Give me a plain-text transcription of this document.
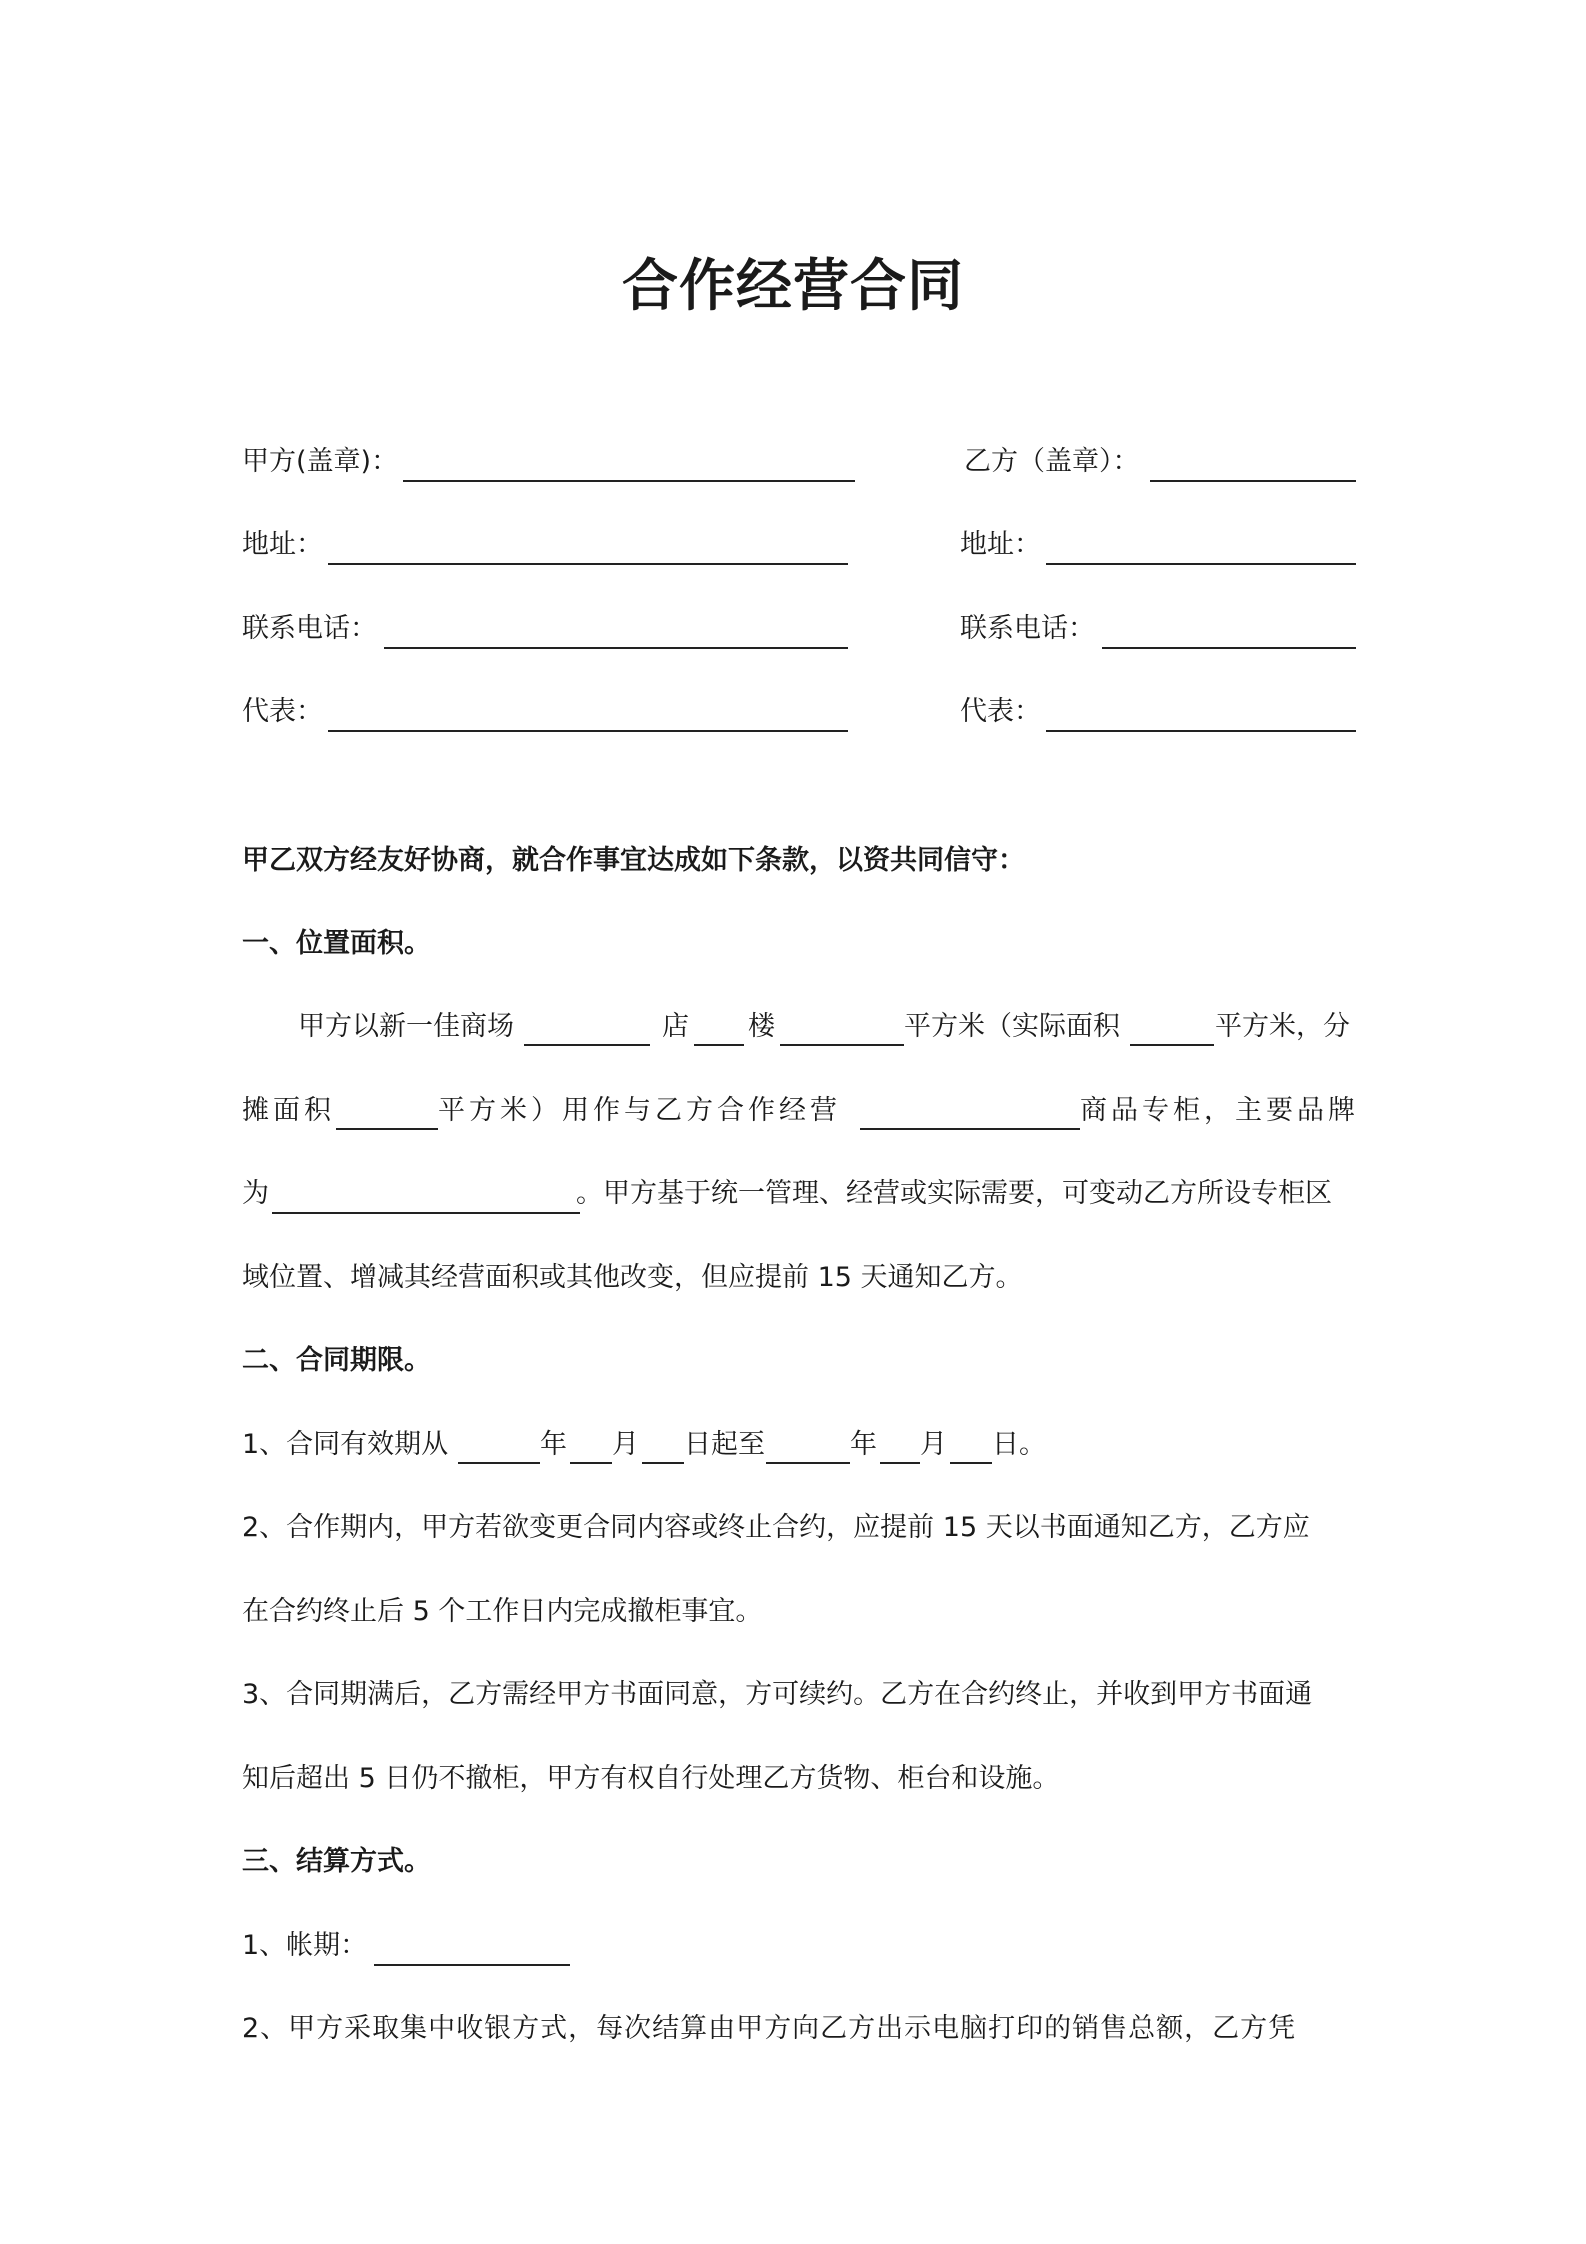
合作经营合同
甲方(盖章)：	乙方（盖章）：
地址：	地址：
联系电话：	联系电话：
代表：	代表：
甲乙双方经友好协商，就合作事宜达成如下条款，以资共同信守：
一、位置面积。
甲方以新一佳商场	店 楼	平方米（实际面积	平方米，分
摊面积	平方米）用作与乙方合作经营	商品专柜，主要品牌
为	。甲方基于统一管理、经营或实际需要，可变动乙方所设专柜区
域位置、增减其经营面积或其他改变，但应提前 15 天通知乙方。
二、合同期限。
1、合同有效期从	年 月 日起至	年 月 日。
2、合作期内，甲方若欲变更合同内容或终止合约，应提前 15 天以书面通知乙方，乙方应
在合约终止后 5 个工作日内完成撤柜事宜。
3、合同期满后，乙方需经甲方书面同意，方可续约。乙方在合约终止，并收到甲方书面通
知后超出 5 日仍不撤柜，甲方有权自行处理乙方货物、柜台和设施。
三、结算方式。
1、帐期：
2、甲方采取集中收银方式，每次结算由甲方向乙方出示电脑打印的销售总额，乙方凭
